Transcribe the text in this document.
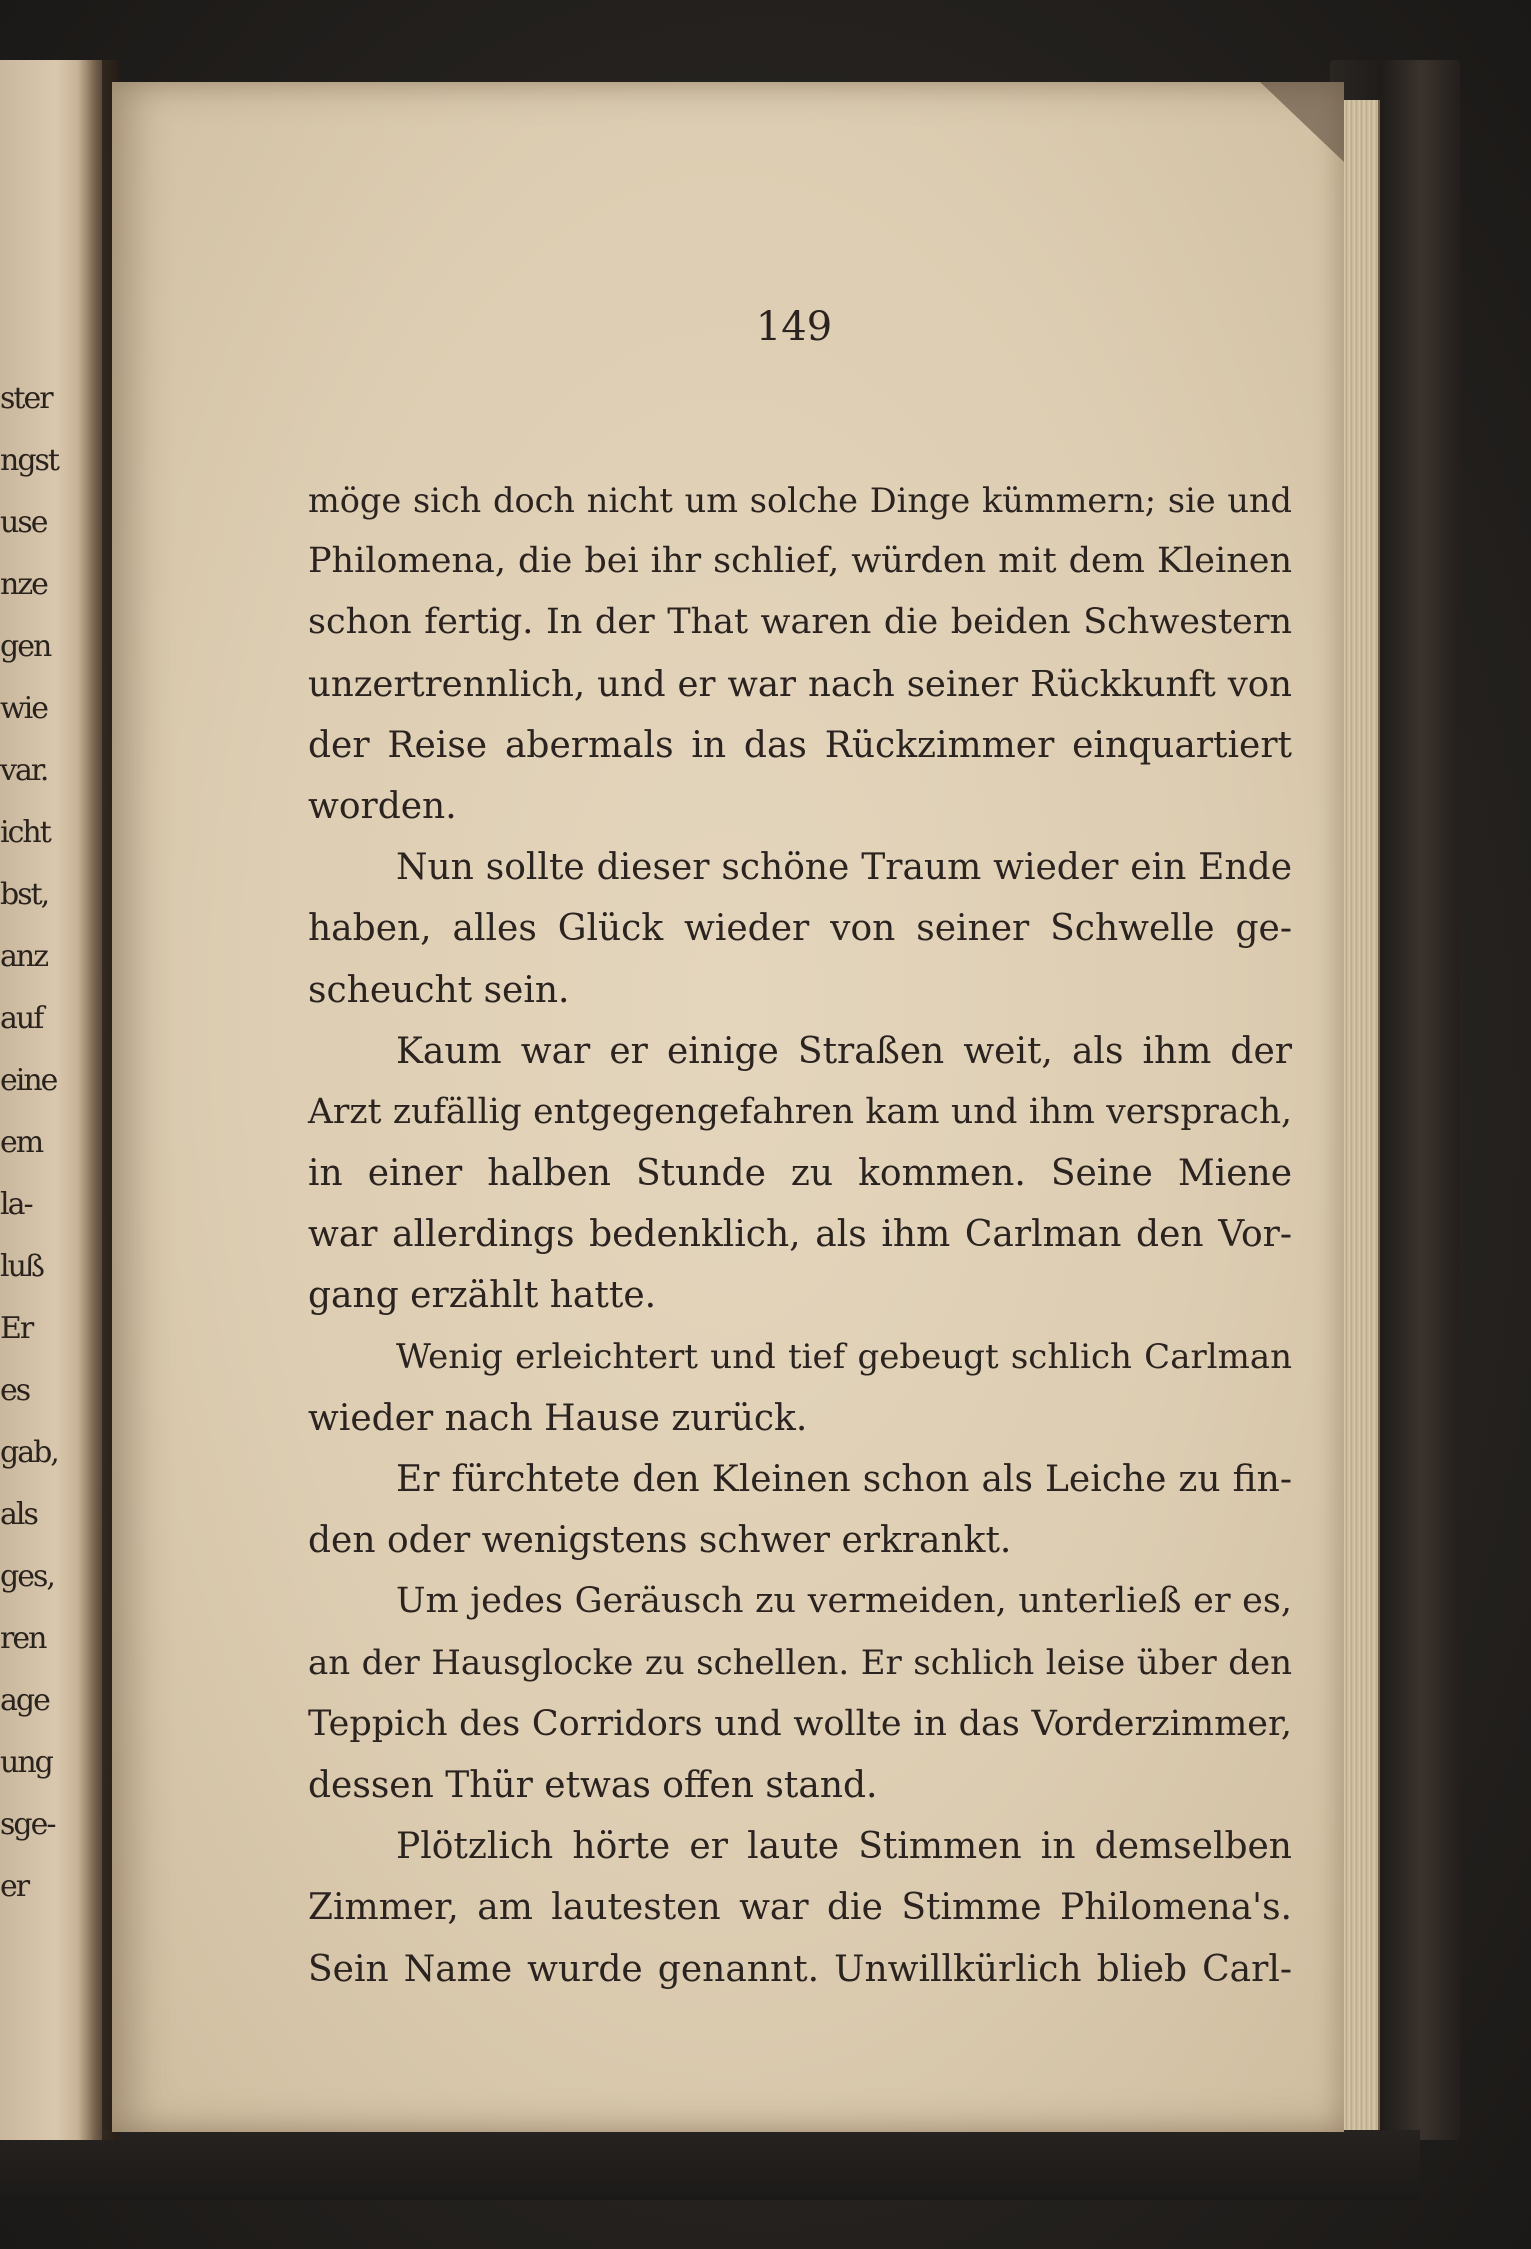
ster
ngst
use
nze
gen
wie
var.
icht
bst,
anz
auf
eine
em
la-
luß
Er
es
gab,
als
ges,
ren
age
ung
sge-
er
149
möge sich doch nicht um solche Dinge kümmern; sie und
Philomena, die bei ihr schlief, würden mit dem Kleinen
schon fertig. In der That waren die beiden Schwestern
unzertrennlich, und er war nach seiner Rückkunft von
der Reise abermals in das Rückzimmer einquartiert
worden.
Nun sollte dieser schöne Traum wieder ein Ende
haben, alles Glück wieder von seiner Schwelle ge-
scheucht sein.
Kaum war er einige Straßen weit, als ihm der
Arzt zufällig entgegengefahren kam und ihm versprach,
in einer halben Stunde zu kommen. Seine Miene
war allerdings bedenklich, als ihm Carlman den Vor-
gang erzählt hatte.
Wenig erleichtert und tief gebeugt schlich Carlman
wieder nach Hause zurück.
Er fürchtete den Kleinen schon als Leiche zu fin-
den oder wenigstens schwer erkrankt.
Um jedes Geräusch zu vermeiden, unterließ er es,
an der Hausglocke zu schellen. Er schlich leise über den
Teppich des Corridors und wollte in das Vorderzimmer,
dessen Thür etwas offen stand.
Plötzlich hörte er laute Stimmen in demselben
Zimmer, am lautesten war die Stimme Philomena's.
Sein Name wurde genannt. Unwillkürlich blieb Carl-
